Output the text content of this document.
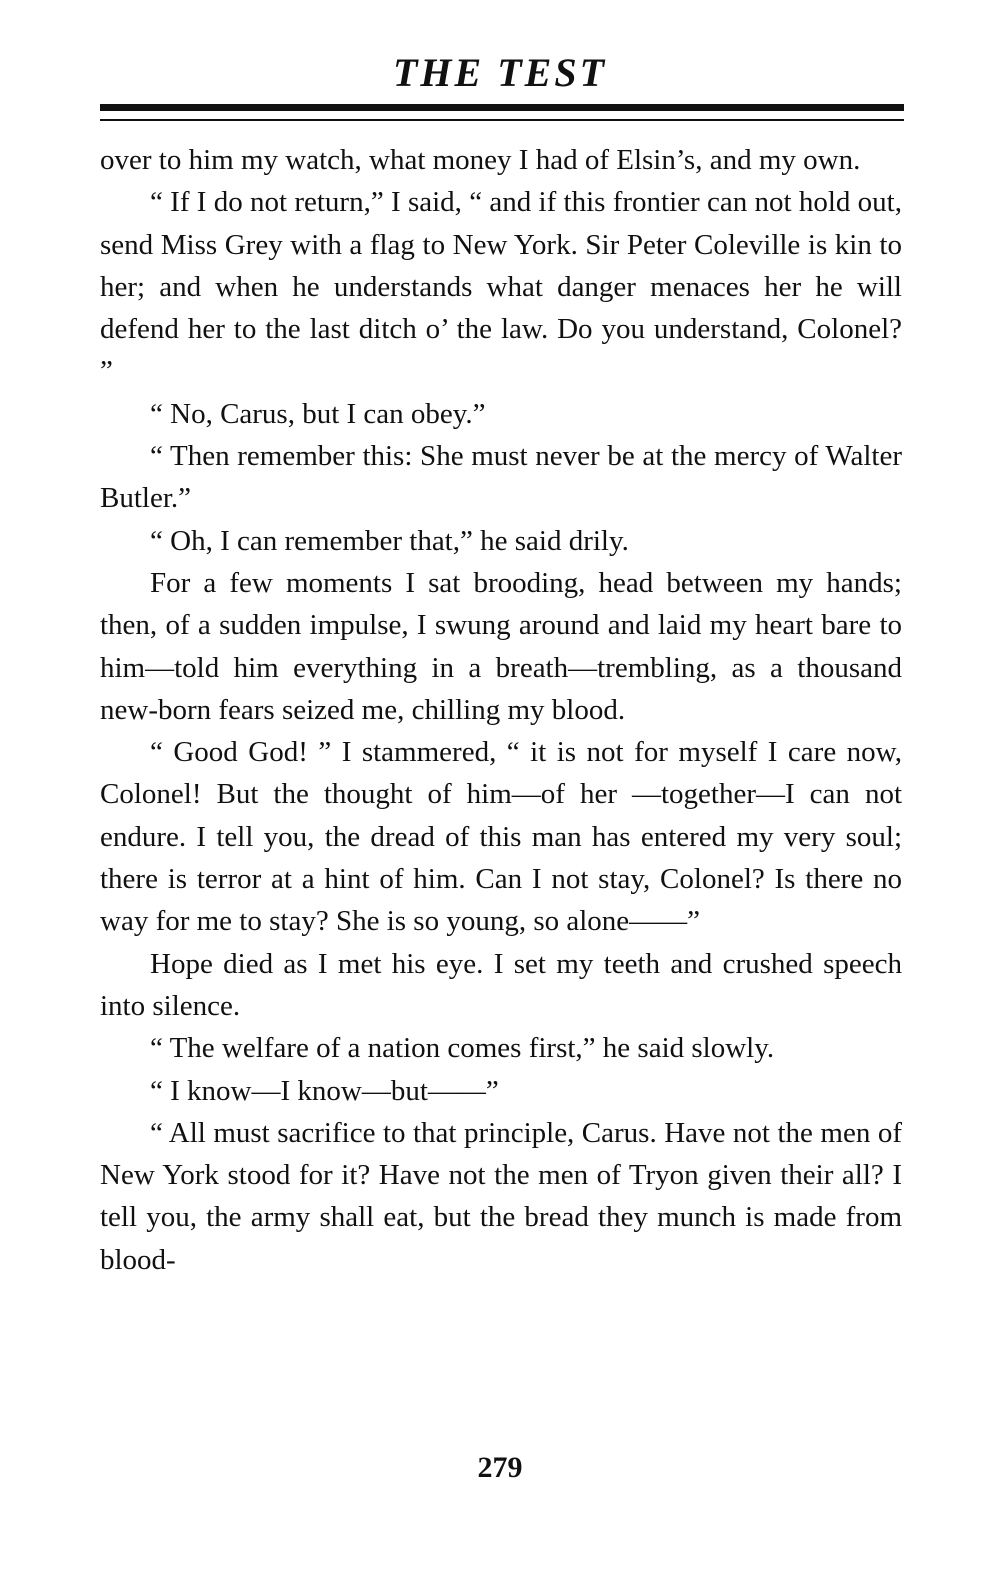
THE TEST

over to him my watch, what money I had of Elsin’s, and my own.

“ If I do not return,” I said, “ and if this frontier can not hold out, send Miss Grey with a flag to New York. Sir Peter Coleville is kin to her; and when he understands what danger menaces her he will defend her to the last ditch o’ the law. Do you understand, Colonel? ”

“ No, Carus, but I can obey.”

“ Then remember this: She must never be at the mercy of Walter Butler.”

“ Oh, I can remember that,” he said drily.

For a few moments I sat brooding, head between my hands; then, of a sudden impulse, I swung around and laid my heart bare to him—told him everything in a breath—trembling, as a thousand new-born fears seized me, chilling my blood.

“ Good God! ” I stammered, “ it is not for myself I care now, Colonel! But the thought of him—of her —together—I can not endure. I tell you, the dread of this man has entered my very soul; there is terror at a hint of him. Can I not stay, Colonel? Is there no way for me to stay? She is so young, so alone——”

Hope died as I met his eye. I set my teeth and crushed speech into silence.

“ The welfare of a nation comes first,” he said slowly.

“ I know—I know—but——”

“ All must sacrifice to that principle, Carus. Have not the men of New York stood for it? Have not the men of Tryon given their all? I tell you, the army shall eat, but the bread they munch is made from blood-

279
